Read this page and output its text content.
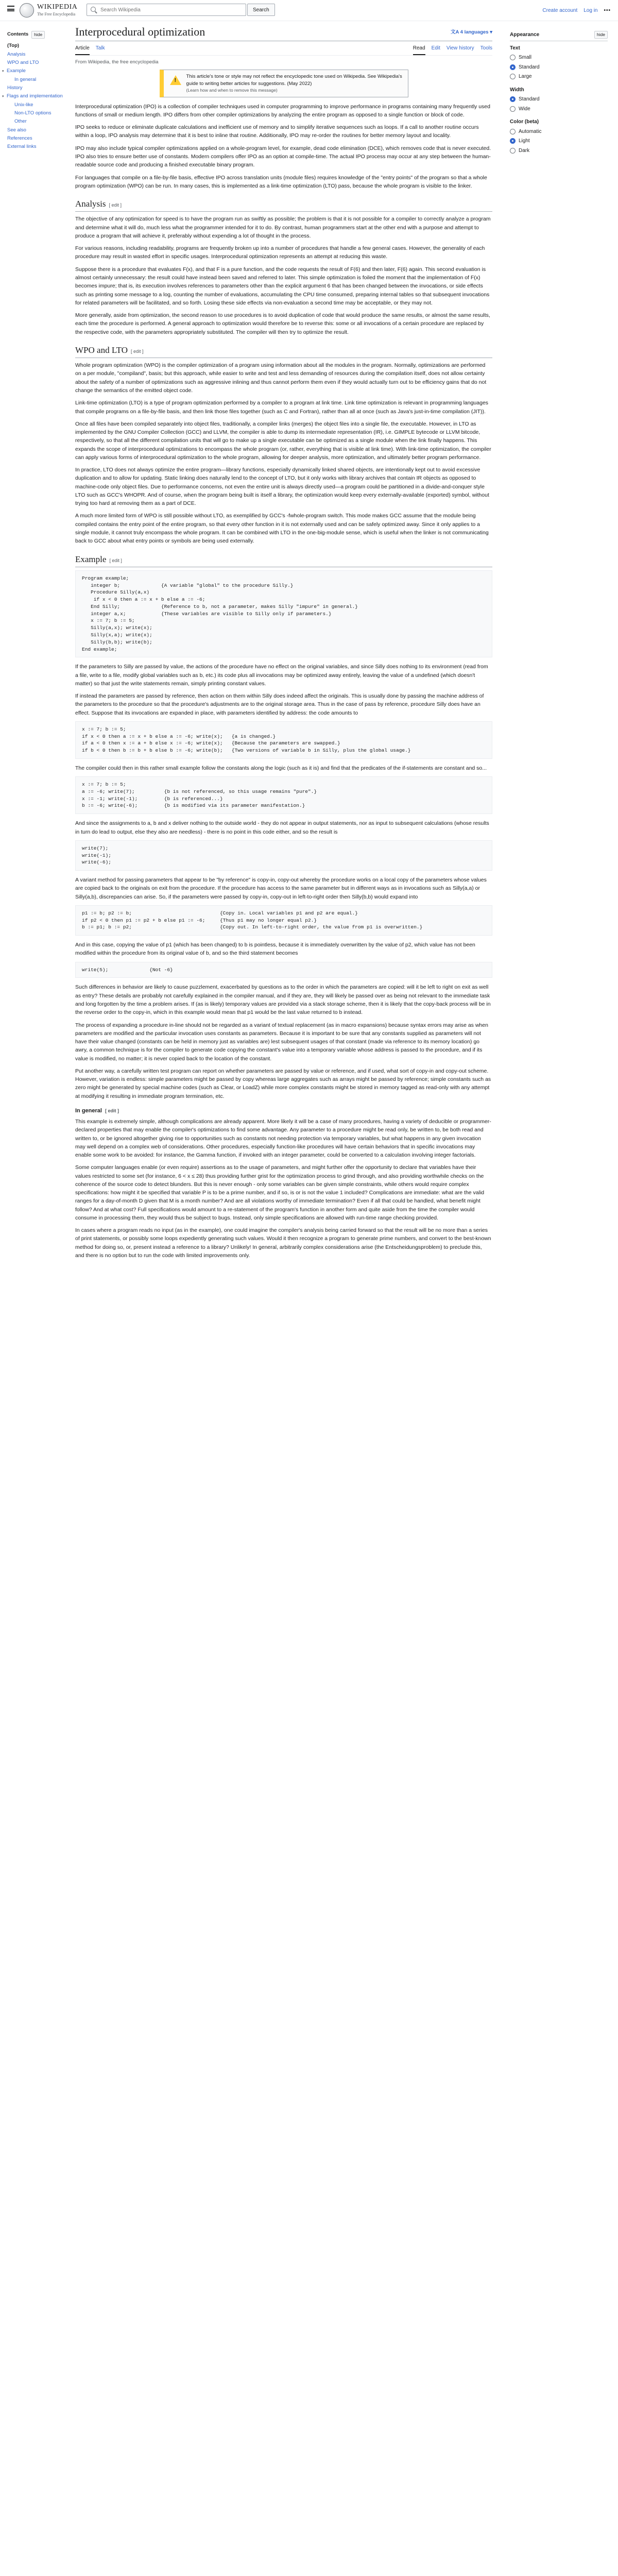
WIKIPEDIA
The Free Encyclopedia
Search Wikipedia
Search	Create account Log in •••
Contents	hide
(Top)
Analysis
WPO and LTO
▾ Example
In general
History
▾ Flags and implementation
Unix-like
Non-LTO options
Other
See also
References
External links
Interprocedural optimization	文A 4 languages ▾
Article Talk	Read Edit View history Tools
From Wikipedia, the free encyclopedia
!
This article's tone or style may not reflect the encyclopedic tone used on Wikipedia. See Wikipedia's guide to writing better articles for suggestions. (May 2022)
(Learn how and when to remove this message)

Interprocedural optimization (IPO) is a collection of compiler techniques used in computer programming to improve performance in programs containing many frequently used functions of small or medium length. IPO differs from other compiler optimizations by analyzing the entire program as opposed to a single function or block of code.

IPO seeks to reduce or eliminate duplicate calculations and inefficient use of memory and to simplify iterative sequences such as loops. If a call to another routine occurs within a loop, IPO analysis may determine that it is best to inline that routine. Additionally, IPO may re-order the routines for better memory layout and locality.

IPO may also include typical compiler optimizations applied on a whole-program level, for example, dead code elimination (DCE), which removes code that is never executed. IPO also tries to ensure better use of constants. Modern compilers offer IPO as an option at compile-time. The actual IPO process may occur at any step between the human-readable source code and producing a finished executable binary program.

For languages that compile on a file-by-file basis, effective IPO across translation units (module files) requires knowledge of the "entry points" of the program so that a whole program optimization (WPO) can be run. In many cases, this is implemented as a link-time optimization (LTO) pass, because the whole program is visible to the linker.

Analysis [ edit ]

The objective of any optimization for speed is to have the program run as swiftly as possible; the problem is that it is not possible for a compiler to correctly analyze a program and determine what it will do, much less what the programmer intended for it to do. By contrast, human programmers start at the other end with a purpose and attempt to produce a program that will achieve it, preferably without expending a lot of thought in the process.

For various reasons, including readability, programs are frequently broken up into a number of procedures that handle a few general cases. However, the generality of each procedure may result in wasted effort in specific usages. Interprocedural optimization represents an attempt at reducing this waste.

Suppose there is a procedure that evaluates F(x), and that F is a pure function, and the code requests the result of F(6) and then later, F(6) again. This second evaluation is almost certainly unnecessary: the result could have instead been saved and referred to later. This simple optimization is foiled the moment that the implementation of F(x) becomes impure; that is, its execution involves references to parameters other than the explicit argument 6 that has been changed between the invocations, or side effects such as printing some message to a log, counting the number of evaluations, accumulating the CPU time consumed, preparing internal tables so that subsequent invocations for related parameters will be facilitated, and so forth. Losing these side effects via non-evaluation a second time may be acceptable, or they may not.

More generally, aside from optimization, the second reason to use procedures is to avoid duplication of code that would produce the same results, or almost the same results, each time the procedure is performed. A general approach to optimization would therefore be to reverse this: some or all invocations of a certain procedure are replaced by the respective code, with the parameters appropriately substituted. The compiler will then try to optimize the result.

WPO and LTO [ edit ]

Whole program optimization (WPO) is the compiler optimization of a program using information about all the modules in the program. Normally, optimizations are performed on a per module, "compiland", basis; but this approach, while easier to write and test and less demanding of resources during the compilation itself, does not allow certainty about the safety of a number of optimizations such as aggressive inlining and thus cannot perform them even if they would actually turn out to be efficiency gains that do not change the semantics of the emitted object code.

Link-time optimization (LTO) is a type of program optimization performed by a compiler to a program at link time. Link time optimization is relevant in programming languages that compile programs on a file-by-file basis, and then link those files together (such as C and Fortran), rather than all at once (such as Java's just-in-time compilation (JIT)).

Once all files have been compiled separately into object files, traditionally, a compiler links (merges) the object files into a single file, the executable. However, in LTO as implemented by the GNU Compiler Collection (GCC) and LLVM, the compiler is able to dump its intermediate representation (IR), i.e. GIMPLE bytecode or LLVM bitcode, respectively, so that all the different compilation units that will go to make up a single executable can be optimized as a single module when the link finally happens. This expands the scope of interprocedural optimizations to encompass the whole program (or, rather, everything that is visible at link time). With link-time optimization, the compiler can apply various forms of interprocedural optimization to the whole program, allowing for deeper analysis, more optimization, and ultimately better program performance.

In practice, LTO does not always optimize the entire program—library functions, especially dynamically linked shared objects, are intentionally kept out to avoid excessive duplication and to allow for updating. Static linking does naturally lend to the concept of LTO, but it only works with library archives that contain IR objects as opposed to machine-code only object files. Due to performance concerns, not even the entire unit is always directly used—a program could be partitioned in a divide-and-conquer style LTO such as GCC's WHOPR. And of course, when the program being built is itself a library, the optimization would keep every externally-available (exported) symbol, without trying too hard at removing them as a part of DCE.

A much more limited form of WPO is still possible without LTO, as exemplified by GCC's -fwhole-program switch. This mode makes GCC assume that the module being compiled contains the entry point of the entire program, so that every other function in it is not externally used and can be safely optimized away. Since it only applies to a single module, it cannot truly encompass the whole program. It can be combined with LTO in the one-big-module sense, which is useful when the linker is not communicating back to GCC about what entry points or symbols are being used externally.

Example [ edit ]
Program example;
integer b;              {A variable "global" to the procedure Silly.}
Procedure Silly(a,x)
if x < 0 then a := x + b else a := -6;
End Silly;              {Reference to b, not a parameter, makes Silly "impure" in general.}
integer a,x;            {These variables are visible to Silly only if parameters.}
x := 7; b := 5;
Silly(a,x); write(x);
Silly(x,a); write(x);
Silly(b,b); write(b);
End example;

If the parameters to Silly are passed by value, the actions of the procedure have no effect on the original variables, and since Silly does nothing to its environment (read from a file, write to a file, modify global variables such as b, etc.) its code plus all invocations may be optimized away entirely, leaving the value of a undefined (which doesn't matter) so that just the write statements remain, simply printing constant values.

If instead the parameters are passed by reference, then action on them within Silly does indeed affect the originals. This is usually done by passing the machine address of the parameters to the procedure so that the procedure's adjustments are to the original storage area. Thus in the case of pass by reference, procedure Silly does have an effect. Suppose that its invocations are expanded in place, with parameters identified by address: the code amounts to

x := 7; b := 5;
if x < 0 then a := x + b else a := -6; write(x);   {a is changed.}
if a < 0 then x := a + b else x := -6; write(x);   {Because the parameters are swapped.}
if b < 0 then b := b + b else b := -6; write(b);   {Two versions of variable b in Silly, plus the global usage.}

The compiler could then in this rather small example follow the constants along the logic (such as it is) and find that the predicates of the if-statements are constant and so...

x := 7; b := 5;
a := -6; write(7);          {b is not referenced, so this usage remains "pure".}
x := -1; write(-1);         {b is referenced...}
b := -6; write(-6);         {b is modified via its parameter manifestation.}

And since the assignments to a, b and x deliver nothing to the outside world - they do not appear in output statements, nor as input to subsequent calculations (whose results in turn do lead to output, else they also are needless) - there is no point in this code either, and so the result is

write(7);
write(-1);
write(-6);

A variant method for passing parameters that appear to be "by reference" is copy-in, copy-out whereby the procedure works on a local copy of the parameters whose values are copied back to the originals on exit from the procedure. If the procedure has access to the same parameter but in different ways as in invocations such as Silly(a,a) or Silly(a,b), discrepancies can arise. So, if the parameters were passed by copy-in, copy-out in left-to-right order then Silly(b,b) would expand into

p1 := b; p2 := b;                              {Copy in. Local variables p1 and p2 are equal.}
if p2 < 0 then p1 := p2 + b else p1 := -6;     {Thus p1 may no longer equal p2.}
b := p1; b := p2;                              {Copy out. In left-to-right order, the value from p1 is overwritten.}

And in this case, copying the value of p1 (which has been changed) to b is pointless, because it is immediately overwritten by the value of p2, which value has not been modified within the procedure from its original value of b, and so the third statement becomes

write(5);              {Not -6}

Such differences in behavior are likely to cause puzzlement, exacerbated by questions as to the order in which the parameters are copied: will it be left to right on exit as well as entry? These details are probably not carefully explained in the compiler manual, and if they are, they will likely be passed over as being not relevant to the immediate task and long forgotten by the time a problem arises. If (as is likely) temporary values are provided via a stack storage scheme, then it is likely that the copy-back process will be in the reverse order to the copy-in, which in this example would mean that p1 would be the last value returned to b instead.

The process of expanding a procedure in-line should not be regarded as a variant of textual replacement (as in macro expansions) because syntax errors may arise as when parameters are modified and the particular invocation uses constants as parameters. Because it is important to be sure that any constants supplied as parameters will not have their value changed (constants can be held in memory just as variables are) lest subsequent usages of that constant (made via reference to its memory location) go awry, a common technique is for the compiler to generate code copying the constant's value into a temporary variable whose address is passed to the procedure, and if its value is modified, no matter; it is never copied back to the location of the constant.

Put another way, a carefully written test program can report on whether parameters are passed by value or reference, and if used, what sort of copy-in and copy-out scheme. However, variation is endless: simple parameters might be passed by copy whereas large aggregates such as arrays might be passed by reference; simple constants such as zero might be generated by special machine codes (such as Clear, or LoadZ) while more complex constants might be stored in memory tagged as read-only with any attempt at modifying it resulting in immediate program termination, etc.

In general [ edit ]

This example is extremely simple, although complications are already apparent. More likely it will be a case of many procedures, having a variety of deducible or programmer-declared properties that may enable the compiler's optimizations to find some advantage. Any parameter to a procedure might be read only, be written to, be both read and written to, or be ignored altogether giving rise to opportunities such as constants not needing protection via temporary variables, but what happens in any given invocation may well depend on a complex web of considerations. Other procedures, especially function-like procedures will have certain behaviors that in specific invocations may enable some work to be avoided: for instance, the Gamma function, if invoked with an integer parameter, could be converted to a calculation involving integer factorials.

Some computer languages enable (or even require) assertions as to the usage of parameters, and might further offer the opportunity to declare that variables have their values restricted to some set (for instance, 6 < x ≤ 28) thus providing further grist for the optimization process to grind through, and also providing worthwhile checks on the coherence of the source code to detect blunders. But this is never enough - only some variables can be given simple constraints, while others would require complex specifications: how might it be specified that variable P is to be a prime number, and if so, is or is not the value 1 included? Complications are immediate: what are the valid ranges for a day-of-month D given that M is a month number? And are all violations worthy of immediate termination? Even if all that could be handled, what benefit might follow? And at what cost? Full specifications would amount to a re-statement of the program's function in another form and quite aside from the time the compiler would consume in processing them, they would thus be subject to bugs. Instead, only simple specifications are allowed with run-time range checking provided.

In cases where a program reads no input (as in the example), one could imagine the compiler's analysis being carried forward so that the result will be no more than a series of print statements, or possibly some loops expediently generating such values. Would it then recognize a program to generate prime numbers, and convert to the best-known method for doing so, or, present instead a reference to a library? Unlikely! In general, arbitrarily complex considerations arise (the Entscheidungsproblem) to preclude this, and there is no option but to run the code with limited improvements only.

Appearance	hide
Text
Small
Standard
Large
Width
Standard
Wide
Color (beta)
Automatic
Light
Dark
